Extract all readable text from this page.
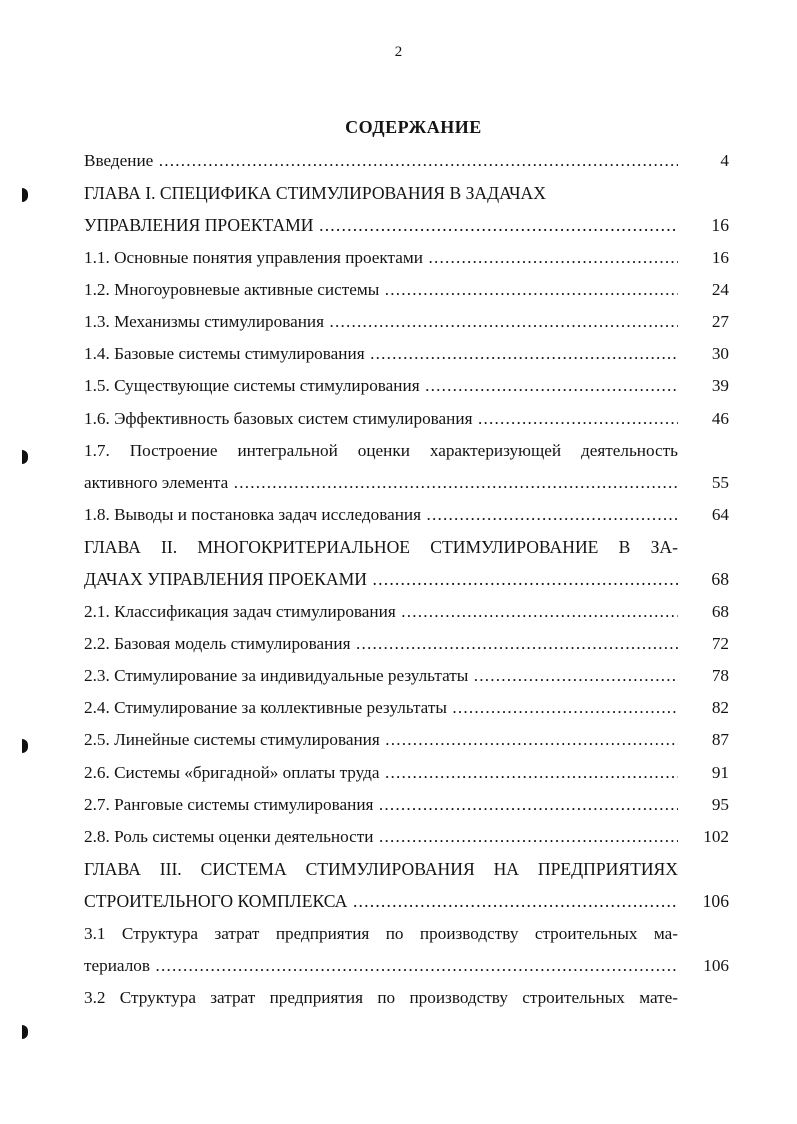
2
СОДЕРЖАНИЕ
Введение .....	4
ГЛАВА I. СПЕЦИФИКА СТИМУЛИРОВАНИЯ В ЗАДАЧАХ
УПРАВЛЕНИЯ ПРОЕКТАМИ .....	16
1.1. Основные понятия управления проектами .....	16
1.2. Многоуровневые активные системы .....	24
1.3. Механизмы стимулирования .....	27
1.4. Базовые системы стимулирования .....	30
1.5. Существующие системы стимулирования .....	39
1.6. Эффективность базовых систем стимулирования .....	46
1.7. Построение интегральной оценки характеризующей деятельность
активного элемента .....	55
1.8. Выводы и постановка задач исследования .....	64
ГЛАВА II. МНОГОКРИТЕРИАЛЬНОЕ СТИМУЛИРОВАНИЕ В ЗА-
ДАЧАХ УПРАВЛЕНИЯ ПРОЕКАМИ .....	68
2.1. Классификация задач стимулирования .....	68
2.2. Базовая модель стимулирования .....	72
2.3. Стимулирование за индивидуальные результаты .....	78
2.4. Стимулирование за коллективные результаты .....	82
2.5. Линейные системы стимулирования .....	87
2.6. Системы «бригадной» оплаты труда .....	91
2.7. Ранговые системы стимулирования .....	95
2.8. Роль системы оценки деятельности .....	102
ГЛАВА III. СИСТЕМА СТИМУЛИРОВАНИЯ НА ПРЕДПРИЯТИЯХ
СТРОИТЕЛЬНОГО КОМПЛЕКСА .....	106
3.1 Структура затрат предприятия по производству строительных ма-
териалов .....	106
3.2 Структура затрат предприятия по производству строительных мате-
